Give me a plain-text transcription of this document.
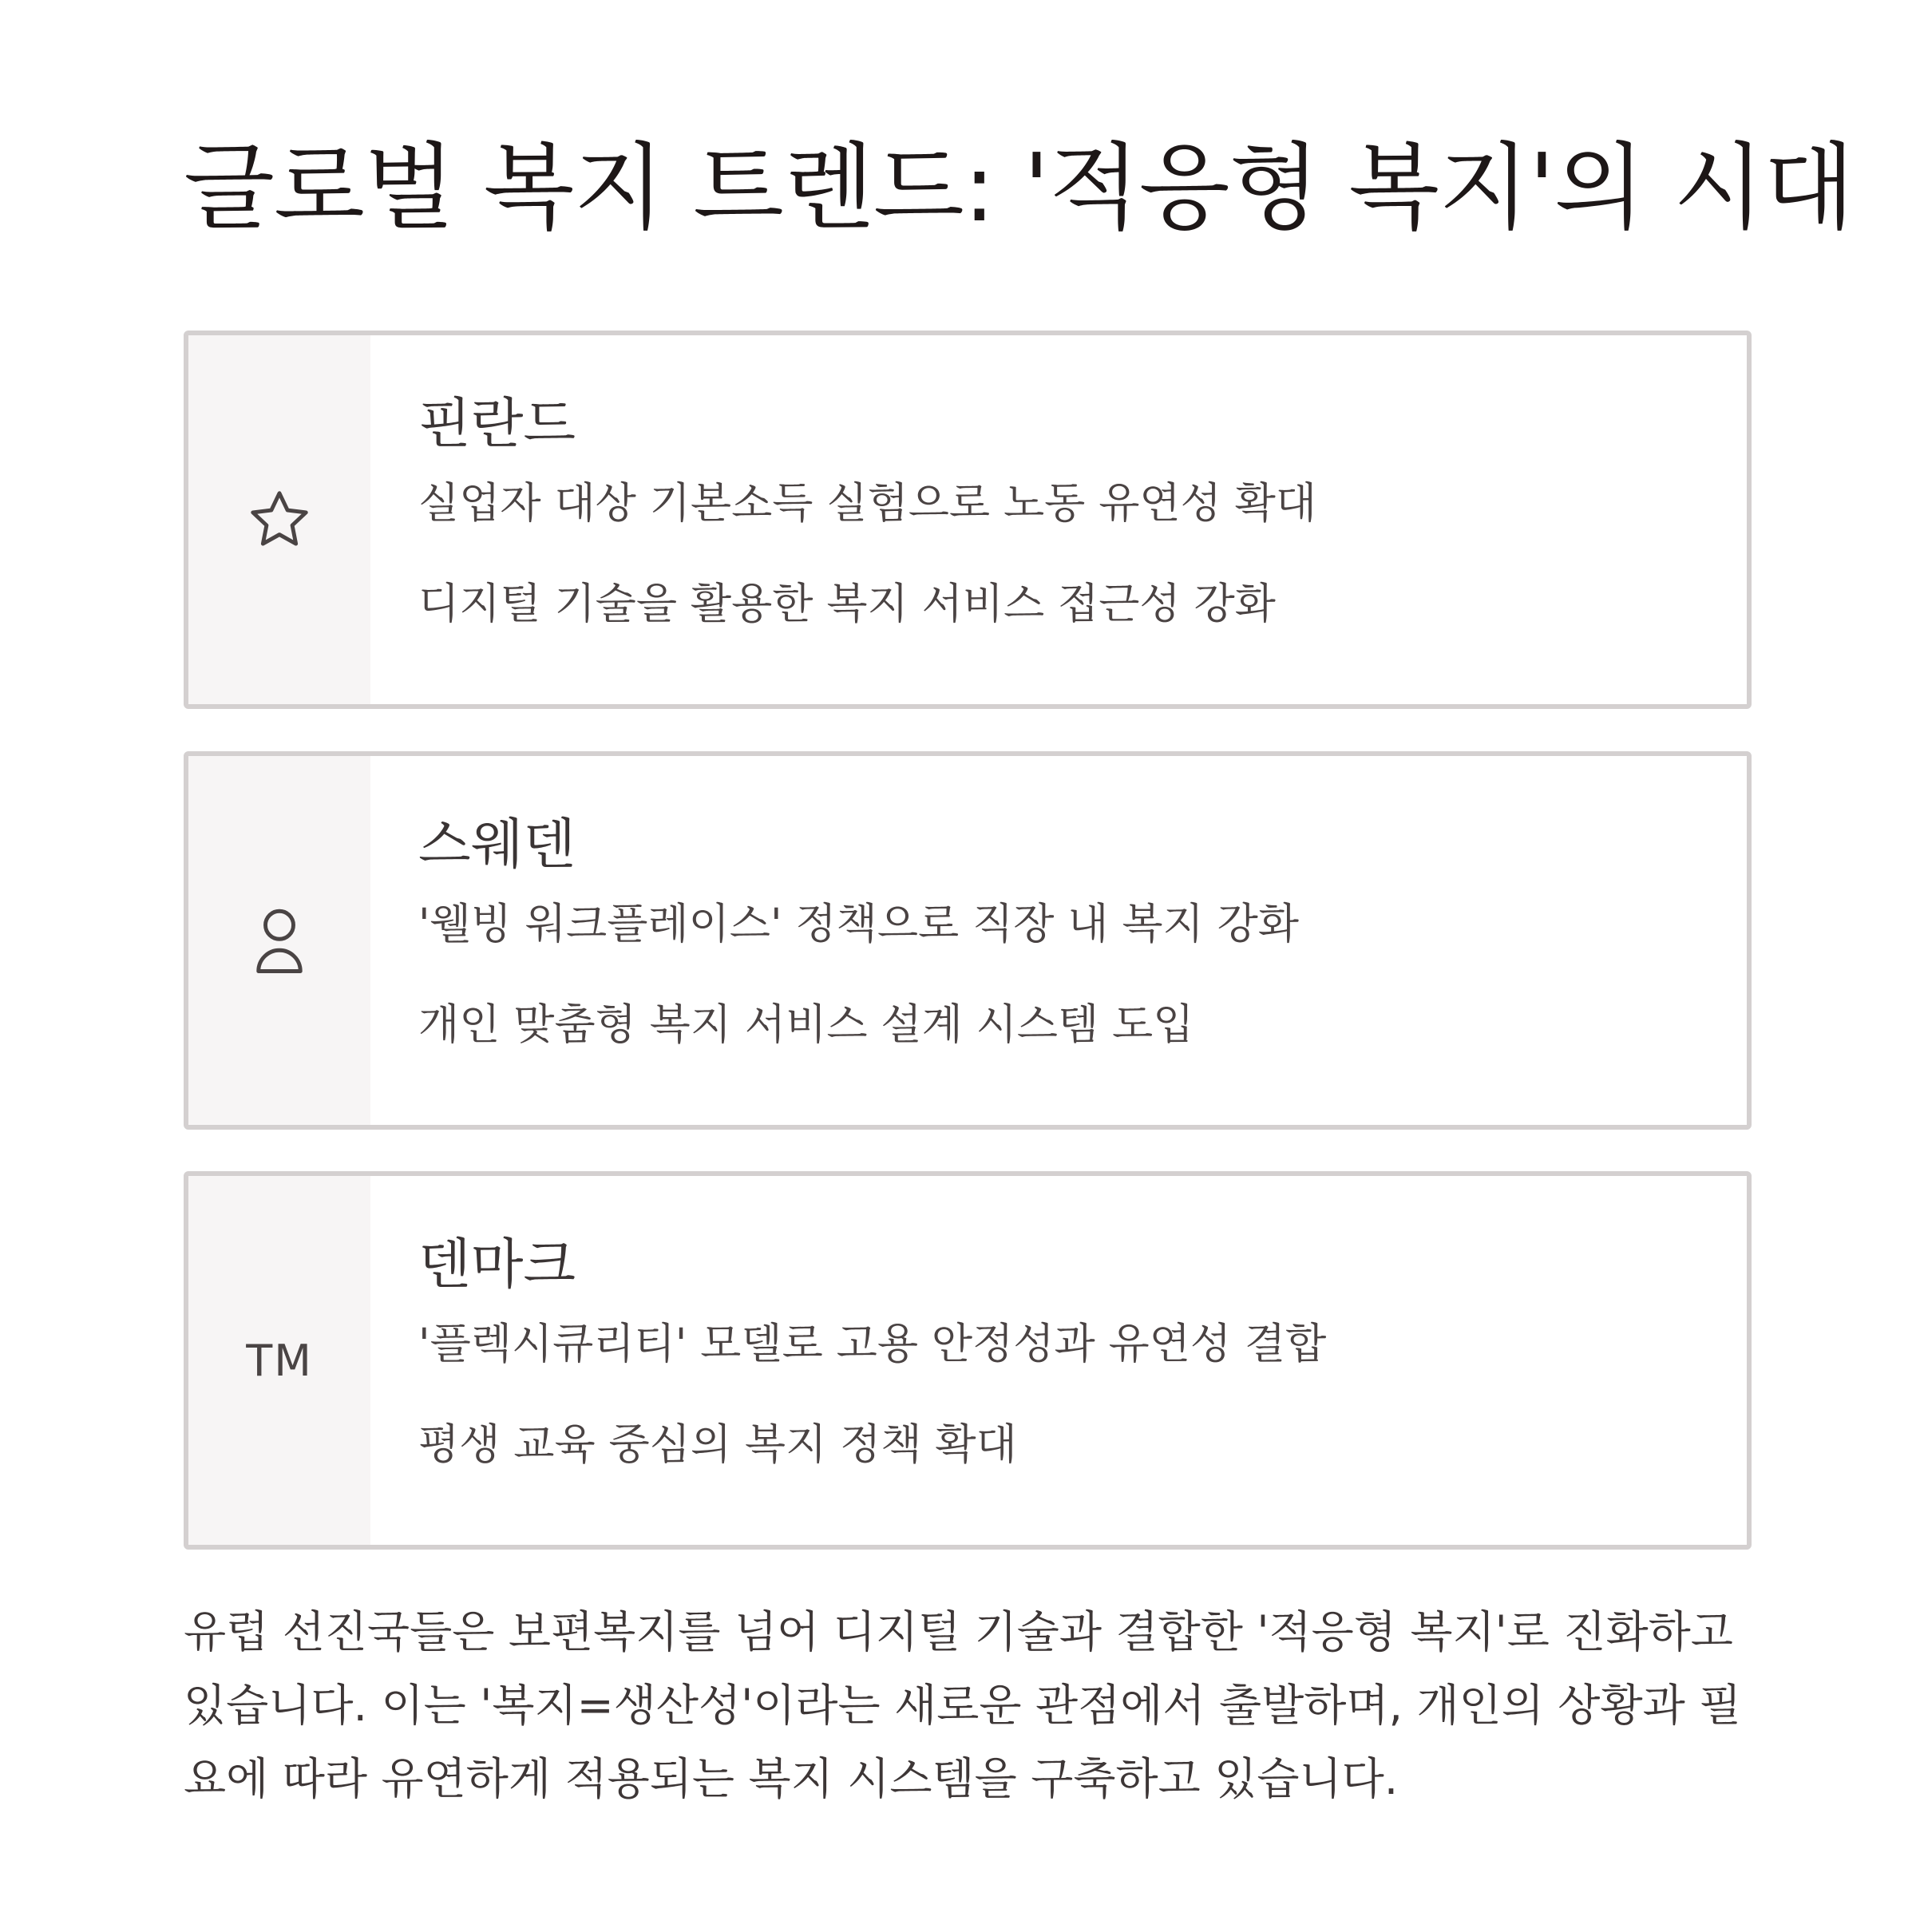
글로벌 복지 트렌드: '적응형 복지'의 시대

핀란드

실업자 대상 기본소득 실험으로 노동 유연성 확대

디지털 기술을 활용한 복지 서비스 접근성 강화

스웨덴

'웰빙 워크플레이스' 정책으로 직장 내 복지 강화

개인 맞춤형 복지 서비스 설계 시스템 도입

TM

덴마크

'플렉시큐리티' 모델로 고용 안정성과 유연성 결합

평생 교육 중심의 복지 정책 확대

유럽 선진국들은 보편복지를 넘어 디지털 기술과 결합한 '적응형 복지'로 진화하고 있습니다. 이는 '복지=생산성'이라는 새로운 관점에서 출발하며, 개인의 상황과 필요에 따라 유연하게 적용되는 복지 시스템을 구축하고 있습니다.
